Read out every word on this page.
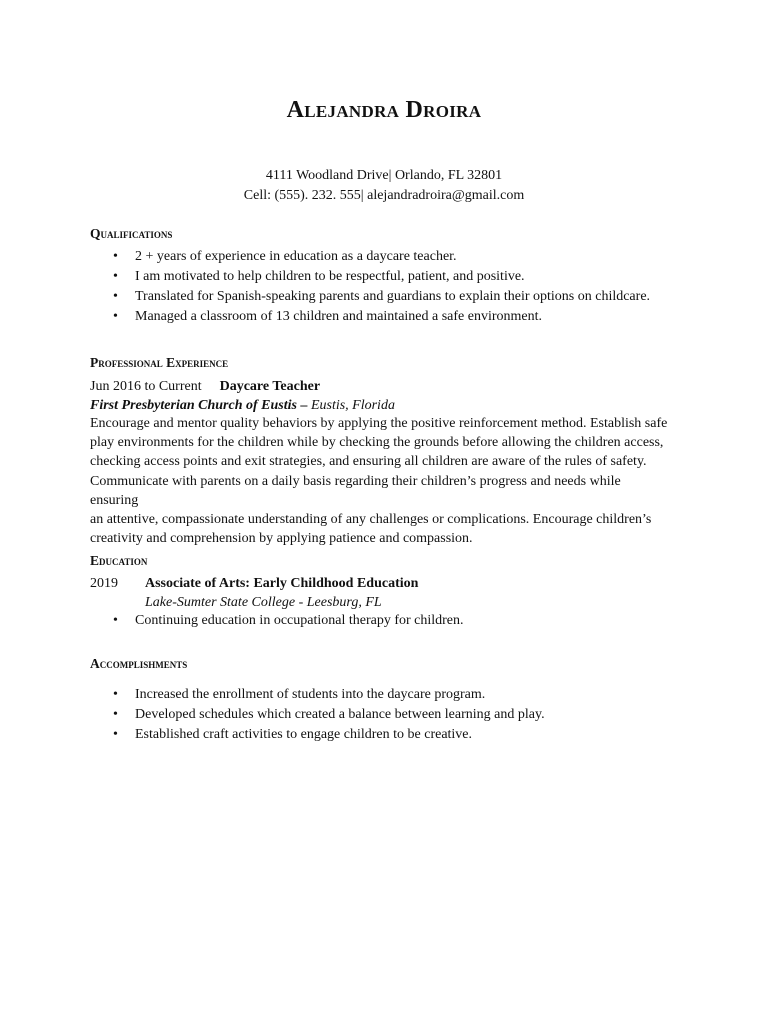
Alejandra Droira
4111 Woodland Drive| Orlando, FL 32801
Cell: (555). 232. 555| alejandradroira@gmail.com
Qualifications
• 2 + years of experience in education as a daycare teacher.
• I am motivated to help children to be respectful, patient, and positive.
• Translated for Spanish-speaking parents and guardians to explain their options on childcare.
• Managed a classroom of 13 children and maintained a safe environment.
Professional Experience
Jun 2016 to Current Daycare Teacher
First Presbyterian Church of Eustis – Eustis, Florida
Encourage and mentor quality behaviors by applying the positive reinforcement method. Establish safe
play environments for the children while by checking the grounds before allowing the children access,
checking access points and exit strategies, and ensuring all children are aware of the rules of safety.
Communicate with parents on a daily basis regarding their children’s progress and needs while ensuring
an attentive, compassionate understanding of any challenges or complications. Encourage children’s
creativity and comprehension by applying patience and compassion.
Education
2019 Associate of Arts: Early Childhood Education
Lake-Sumter State College - Leesburg, FL
• Continuing education in occupational therapy for children.
Accomplishments
• Increased the enrollment of students into the daycare program.
• Developed schedules which created a balance between learning and play.
• Established craft activities to engage children to be creative.
